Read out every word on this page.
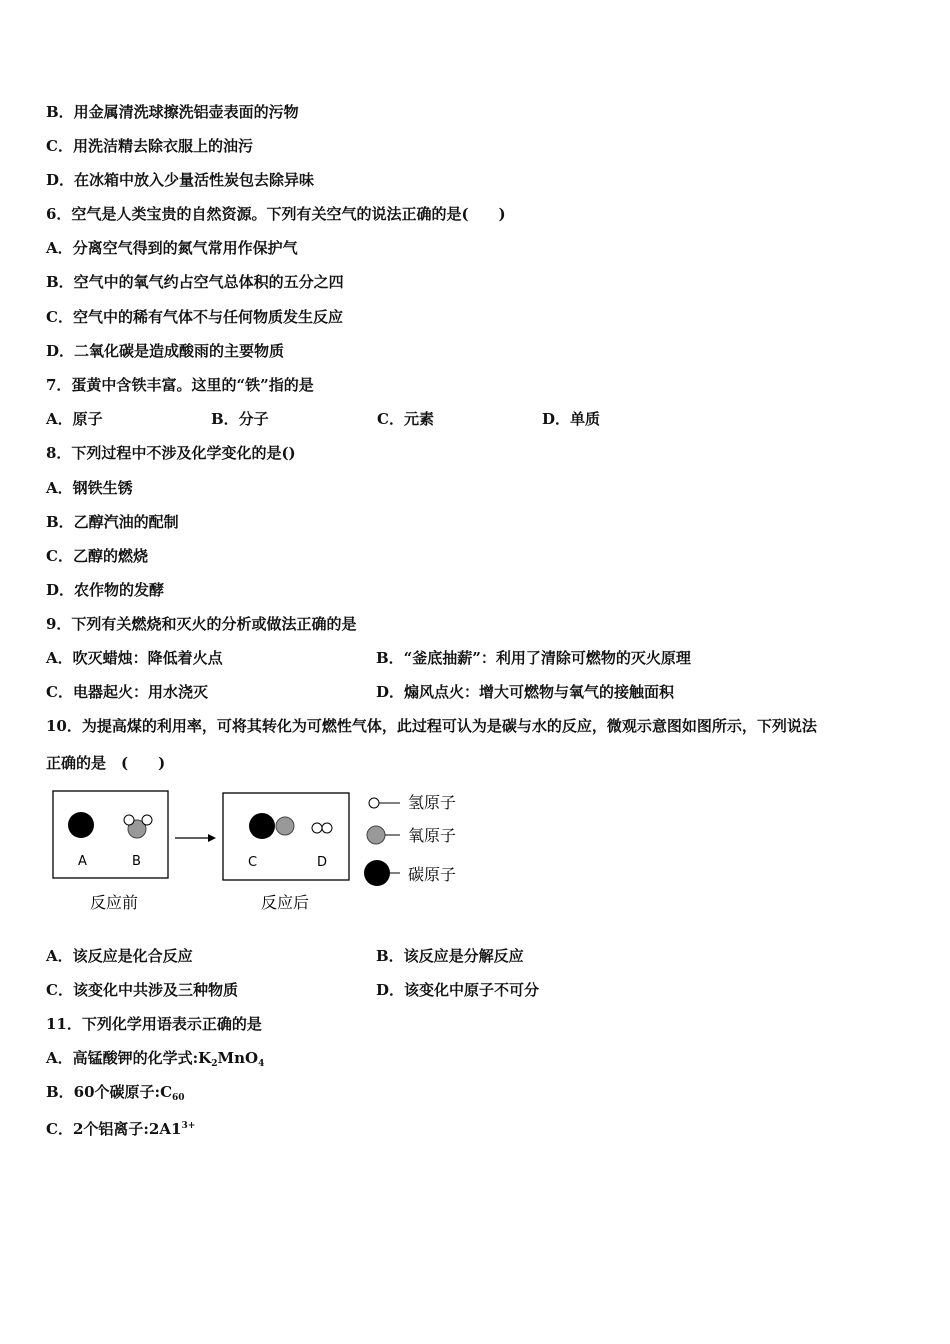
B．用金属清洗球擦洗铝壶表面的污物
C．用洗洁精去除衣服上的油污
D．在冰箱中放入少量活性炭包去除异味
6．空气是人类宝贵的自然资源。下列有关空气的说法正确的是(　　)
A．分离空气得到的氮气常用作保护气
B．空气中的氧气约占空气总体积的五分之四
C．空气中的稀有气体不与任何物质发生反应
D．二氧化碳是造成酸雨的主要物质
7．蛋黄中含铁丰富。这里的“铁”指的是
A．原子	B．分子	C．元素	D．单质
8．下列过程中不涉及化学变化的是()
A．钢铁生锈
B．乙醇汽油的配制
C．乙醇的燃烧
D．农作物的发酵
9．下列有关燃烧和灭火的分析或做法正确的是
A．吹灭蜡烛：降低着火点	B．“釜底抽薪”：利用了清除可燃物的灭火原理
C．电器起火：用水浇灭	D．煽风点火：增大可燃物与氧气的接触面积
10．为提高煤的利用率，可将其转化为可燃性气体，此过程可认为是碳与水的反应，微观示意图如图所示，下列说法
正确的是　(　　)
A	B
反应前
C	D
反应后
氢原子
氧原子
碳原子
A．该反应是化合反应	B．该反应是分解反应
C．该变化中共涉及三种物质	D．该变化中原子不可分
11．下列化学用语表示正确的是
A．高锰酸钾的化学式$:K_2MnO_4$
B．60个碳原子$:C_{60}$
C．2个铝离子$:2A1^{3+}$
